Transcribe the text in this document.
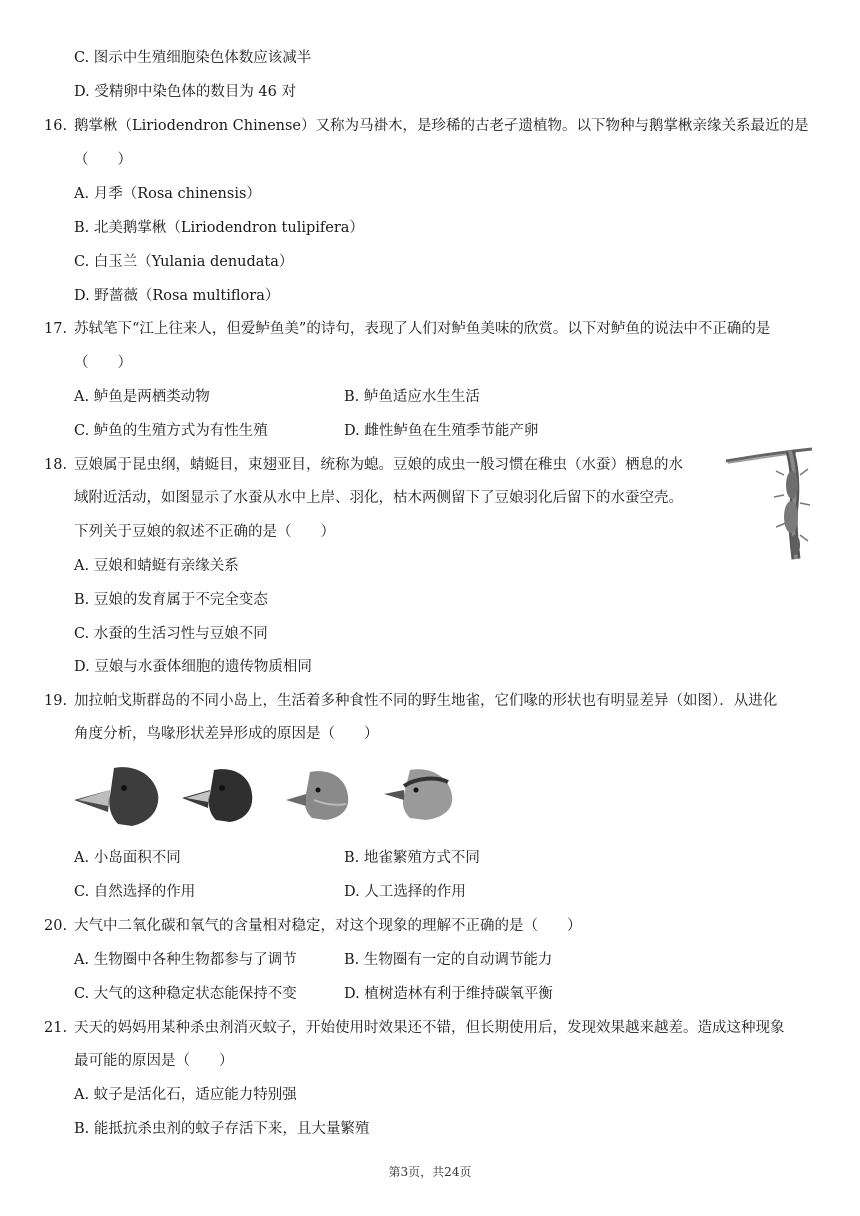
C. 图示中生殖细胞染色体数应该减半
D. 受精卵中染色体的数目为 46 对
16. 鹅掌楸（Liriodendron Chinense）又称为马褂木，是珍稀的古老孑遗植物。以下物种与鹅掌楸亲缘关系最近的是
（　　）
A. 月季（Rosa chinensis）
B. 北美鹅掌楸（Liriodendron tulipifera）
C. 白玉兰（Yulania denudata）
D. 野蔷薇（Rosa multiflora）
17. 苏轼笔下“江上往来人，但爱鲈鱼美”的诗句，表现了人们对鲈鱼美味的欣赏。以下对鲈鱼的说法中不正确的是
（　　）
A. 鲈鱼是两栖类动物	B. 鲈鱼适应水生生活
C. 鲈鱼的生殖方式为有性生殖	D. 雌性鲈鱼在生殖季节能产卵
18. 豆娘属于昆虫纲，蜻蜓目，束翅亚目，统称为螅。豆娘的成虫一般习惯在稚虫（水蚕）栖息的水
域附近活动，如图显示了水蚕从水中上岸、羽化，枯木两侧留下了豆娘羽化后留下的水蚕空壳。
下列关于豆娘的叙述不正确的是（　　）
A. 豆娘和蜻蜓有亲缘关系
B. 豆娘的发育属于不完全变态
C. 水蚕的生活习性与豆娘不同
D. 豆娘与水蚕体细胞的遗传物质相同
19. 加拉帕戈斯群岛的不同小岛上，生活着多种食性不同的野生地雀，它们喙的形状也有明显差异（如图）．从进化
角度分析，鸟喙形状差异形成的原因是（　　）
A. 小岛面积不同	B. 地雀繁殖方式不同
C. 自然选择的作用	D. 人工选择的作用
20. 大气中二氧化碳和氧气的含量相对稳定，对这个现象的理解不正确的是（　　）
A. 生物圈中各种生物都参与了调节	B. 生物圈有一定的自动调节能力
C. 大气的这种稳定状态能保持不变	D. 植树造林有利于维持碳氧平衡
21. 天天的妈妈用某种杀虫剂消灭蚊子，开始使用时效果还不错，但长期使用后，发现效果越来越差。造成这种现象
最可能的原因是（　　）
A. 蚊子是活化石，适应能力特别强
B. 能抵抗杀虫剂的蚊子存活下来，且大量繁殖
第3页，共24页
